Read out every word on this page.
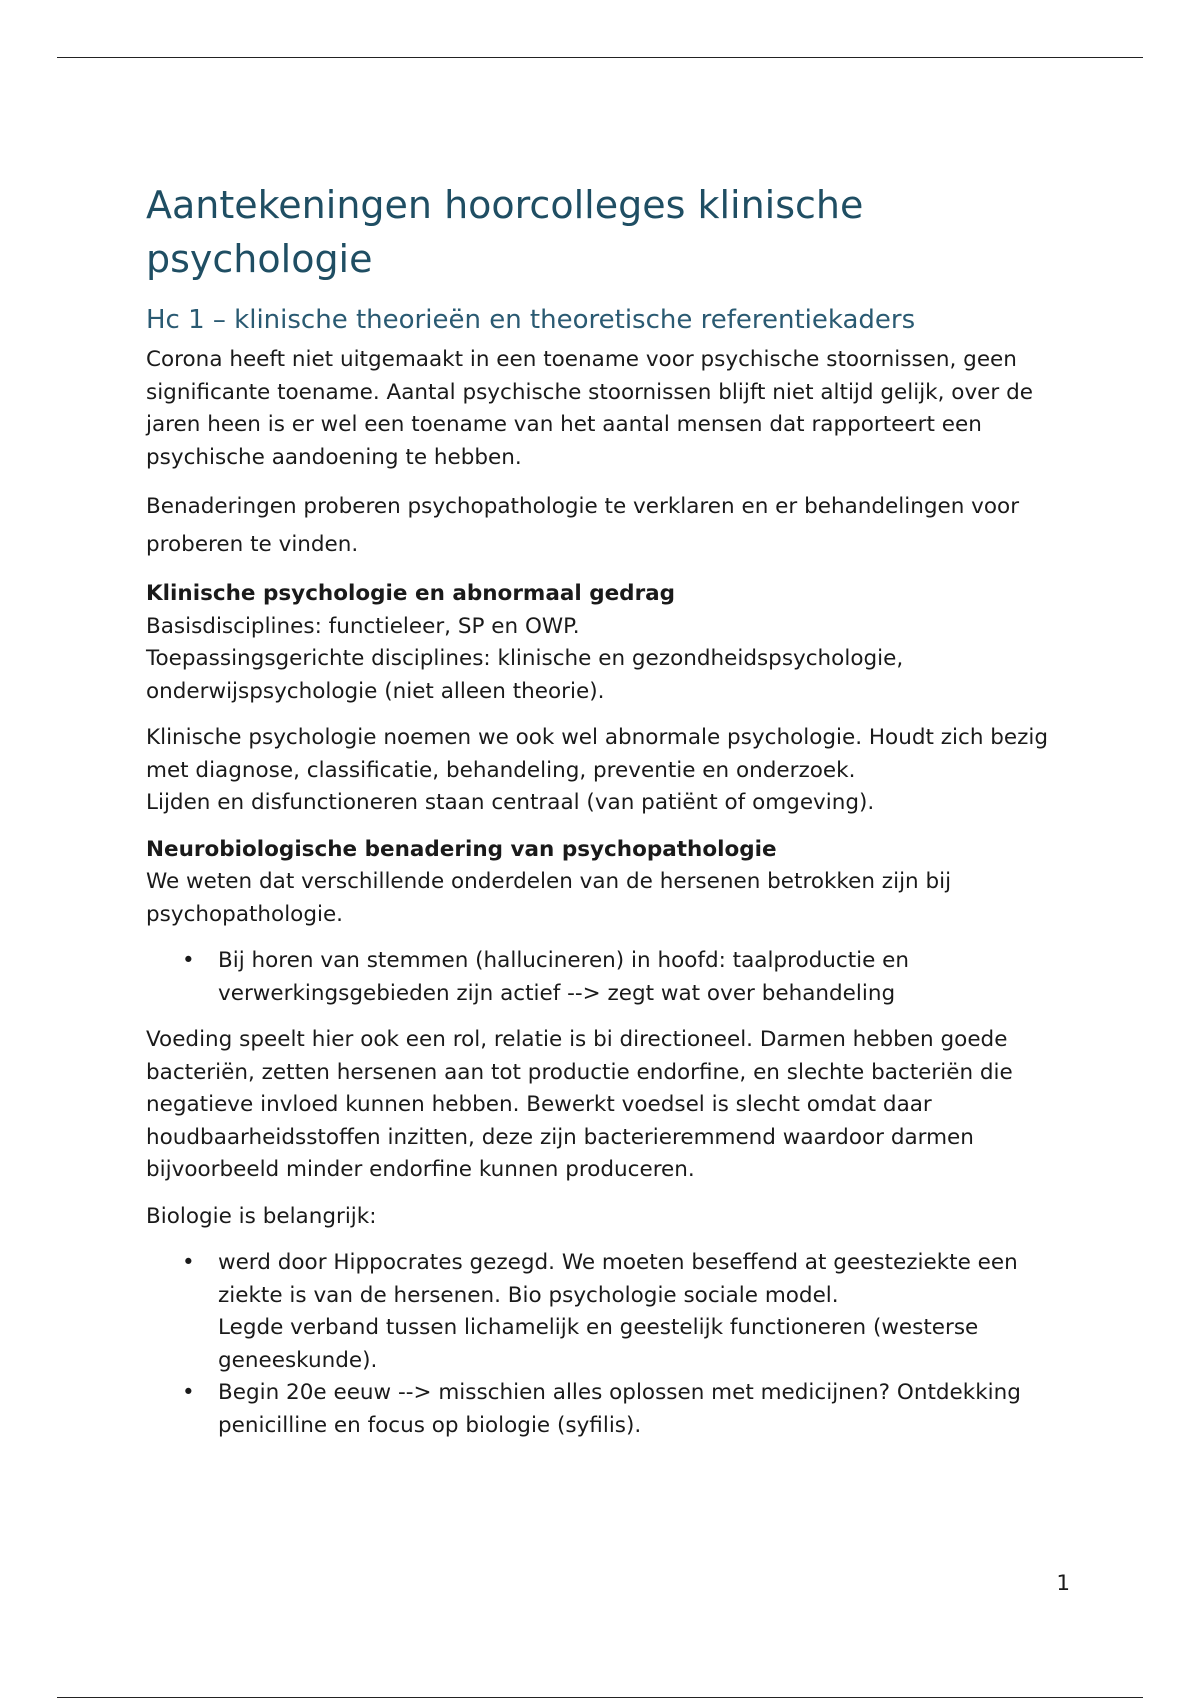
Aantekeningen hoorcolleges klinische psychologie
Hc 1 – klinische theorieën en theoretische referentiekaders

Corona heeft niet uitgemaakt in een toename voor psychische stoornissen, geen significante toename. Aantal psychische stoornissen blijft niet altijd gelijk, over de jaren heen is er wel een toename van het aantal mensen dat rapporteert een psychische aandoening te hebben.

Benaderingen proberen psychopathologie te verklaren en er behandelingen voor proberen te vinden.

Klinische psychologie en abnormaal gedrag

Basisdisciplines: functieleer, SP en OWP.

Toepassingsgerichte disciplines: klinische en gezondheidspsychologie, onderwijspsychologie (niet alleen theorie).

Klinische psychologie noemen we ook wel abnormale psychologie. Houdt zich bezig met diagnose, classificatie, behandeling, preventie en onderzoek.

Lijden en disfunctioneren staan centraal (van patiënt of omgeving).

Neurobiologische benadering van psychopathologie

We weten dat verschillende onderdelen van de hersenen betrokken zijn bij psychopathologie.

• Bij horen van stemmen (hallucineren) in hoofd: taalproductie en verwerkingsgebieden zijn actief --> zegt wat over behandeling

Voeding speelt hier ook een rol, relatie is bi directioneel. Darmen hebben goede bacteriën, zetten hersenen aan tot productie endorfine, en slechte bacteriën die negatieve invloed kunnen hebben. Bewerkt voedsel is slecht omdat daar houdbaarheidsstoffen inzitten, deze zijn bacterieremmend waardoor darmen bijvoorbeeld minder endorfine kunnen produceren.

Biologie is belangrijk:

• werd door Hippocrates gezegd. We moeten beseffend at geesteziekte een ziekte is van de hersenen. Bio psychologie sociale model.
Legde verband tussen lichamelijk en geestelijk functioneren (westerse geneeskunde).
• Begin 20e eeuw --> misschien alles oplossen met medicijnen? Ontdekking penicilline en focus op biologie (syfilis).
1
